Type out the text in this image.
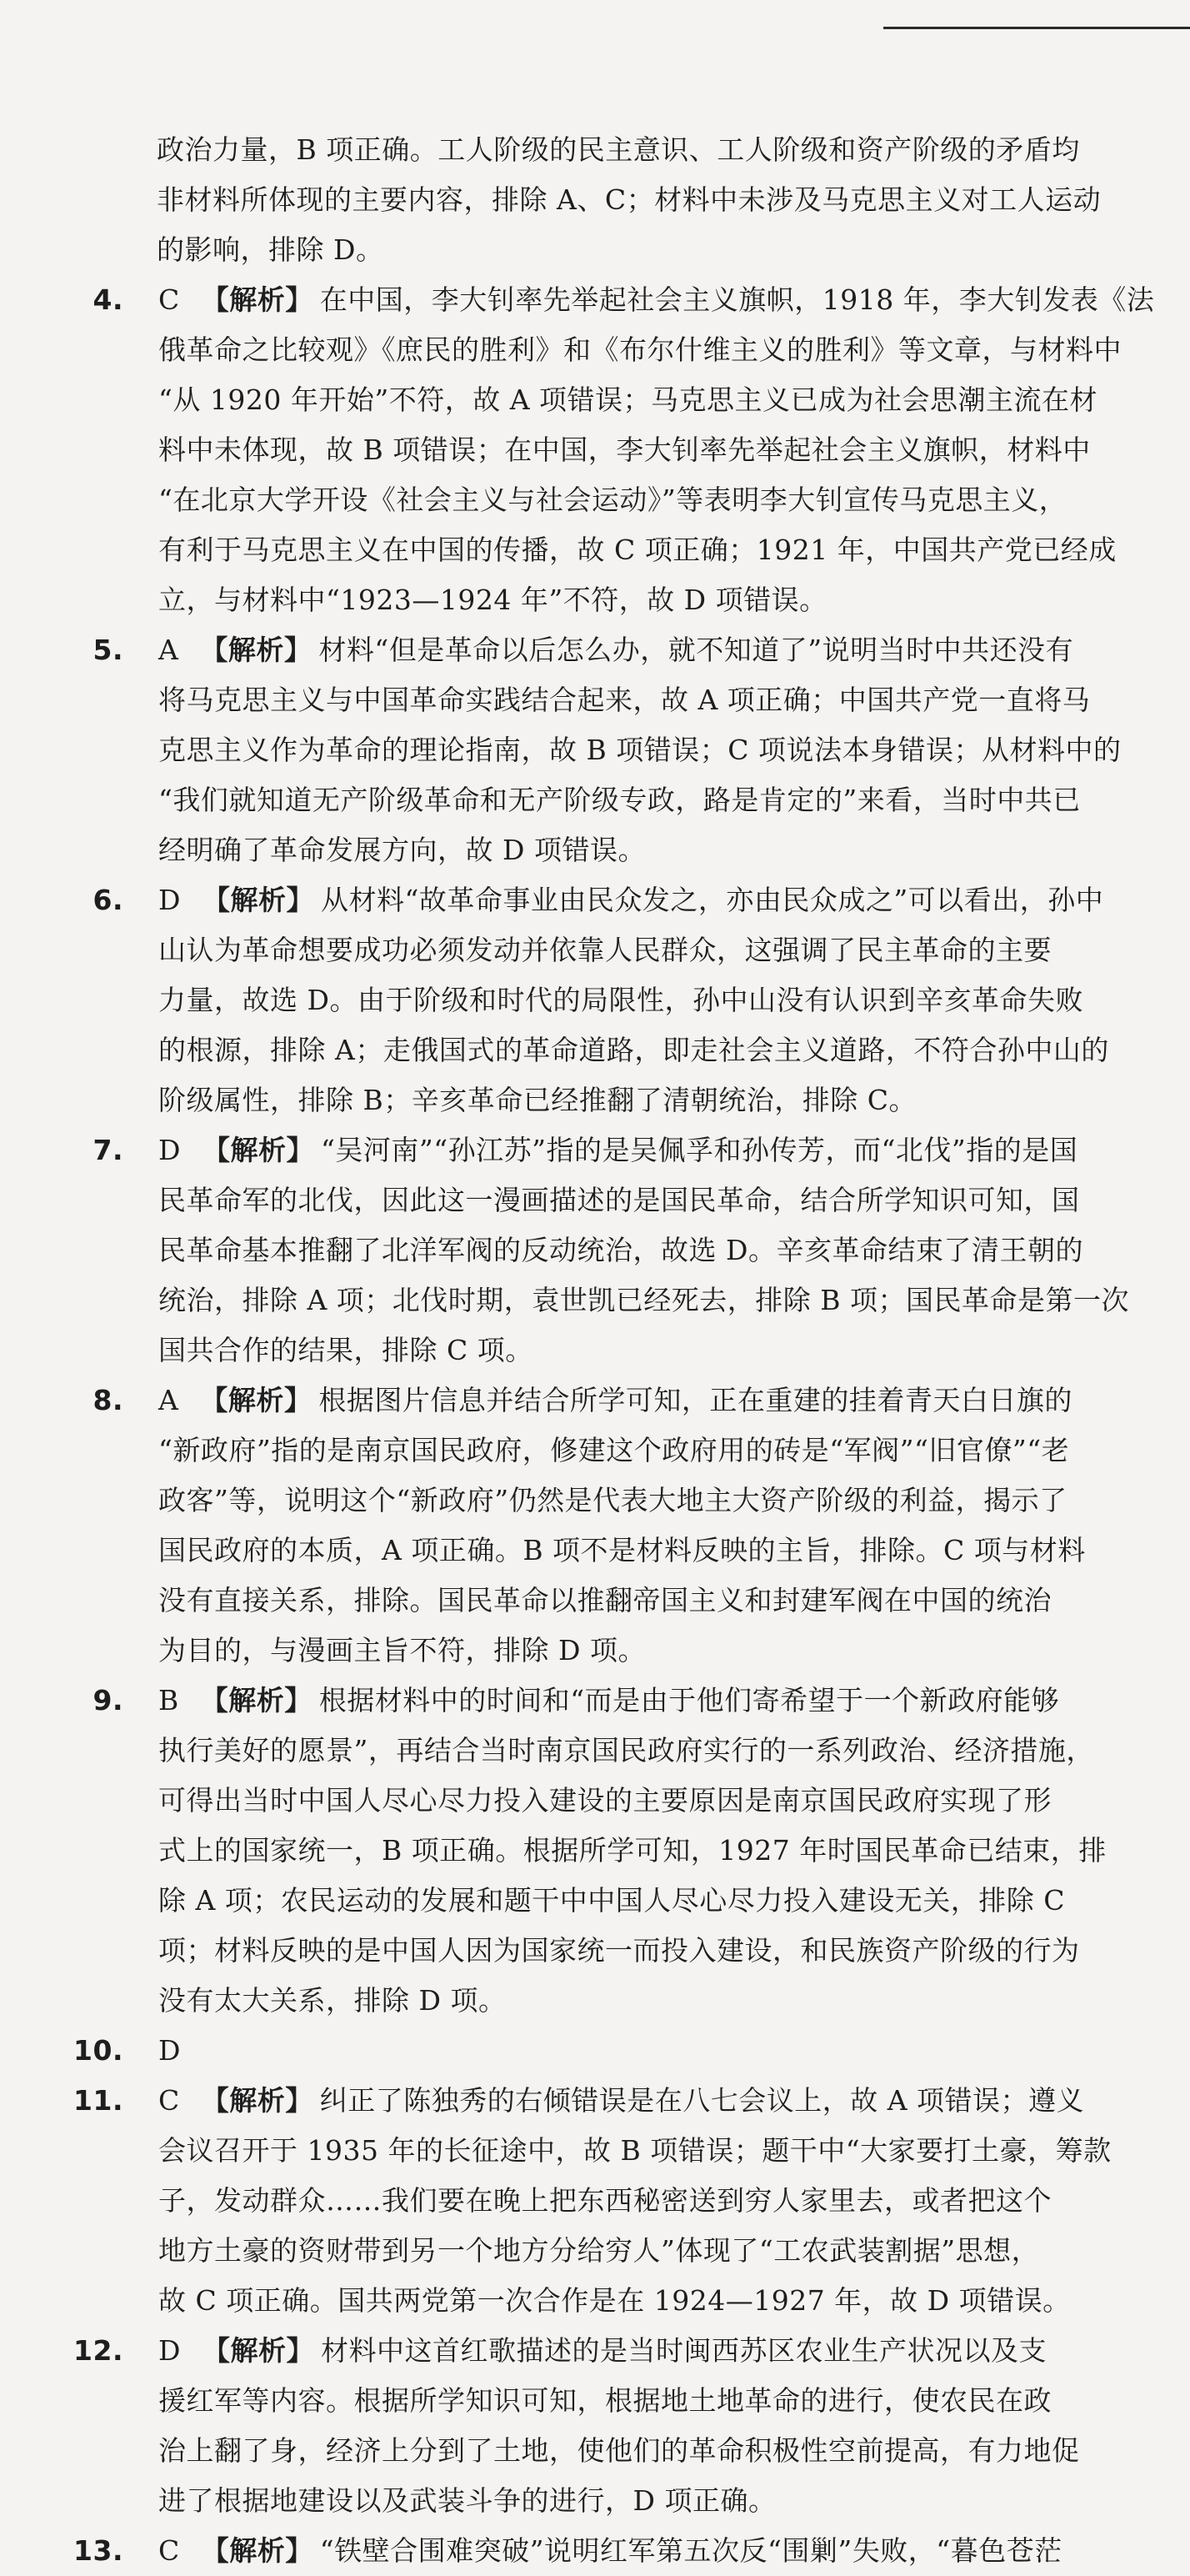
政治力量，B 项正确。工人阶级的民主意识、工人阶级和资产阶级的矛盾均
非材料所体现的主要内容，排除 A、C；材料中未涉及马克思主义对工人运动
的影响，排除 D。
4. C 【解析】 在中国，李大钊率先举起社会主义旗帜，1918 年，李大钊发表《法
俄革命之比较观》《庶民的胜利》和《布尔什维主义的胜利》等文章，与材料中
“从 1920 年开始”不符，故 A 项错误；马克思主义已成为社会思潮主流在材
料中未体现，故 B 项错误；在中国，李大钊率先举起社会主义旗帜，材料中
“在北京大学开设《社会主义与社会运动》”等表明李大钊宣传马克思主义，
有利于马克思主义在中国的传播，故 C 项正确；1921 年，中国共产党已经成
立，与材料中“1923—1924 年”不符，故 D 项错误。
5. A 【解析】 材料“但是革命以后怎么办，就不知道了”说明当时中共还没有
将马克思主义与中国革命实践结合起来，故 A 项正确；中国共产党一直将马
克思主义作为革命的理论指南，故 B 项错误；C 项说法本身错误；从材料中的
“我们就知道无产阶级革命和无产阶级专政，路是肯定的”来看，当时中共已
经明确了革命发展方向，故 D 项错误。
6. D 【解析】 从材料“故革命事业由民众发之，亦由民众成之”可以看出，孙中
山认为革命想要成功必须发动并依靠人民群众，这强调了民主革命的主要
力量，故选 D。由于阶级和时代的局限性，孙中山没有认识到辛亥革命失败
的根源，排除 A；走俄国式的革命道路，即走社会主义道路，不符合孙中山的
阶级属性，排除 B；辛亥革命已经推翻了清朝统治，排除 C。
7. D 【解析】 “吴河南”“孙江苏”指的是吴佩孚和孙传芳，而“北伐”指的是国
民革命军的北伐，因此这一漫画描述的是国民革命，结合所学知识可知，国
民革命基本推翻了北洋军阀的反动统治，故选 D。辛亥革命结束了清王朝的
统治，排除 A 项；北伐时期，袁世凯已经死去，排除 B 项；国民革命是第一次
国共合作的结果，排除 C 项。
8. A 【解析】 根据图片信息并结合所学可知，正在重建的挂着青天白日旗的
“新政府”指的是南京国民政府，修建这个政府用的砖是“军阀”“旧官僚”“老
政客”等，说明这个“新政府”仍然是代表大地主大资产阶级的利益，揭示了
国民政府的本质，A 项正确。B 项不是材料反映的主旨，排除。C 项与材料
没有直接关系，排除。国民革命以推翻帝国主义和封建军阀在中国的统治
为目的，与漫画主旨不符，排除 D 项。
9. B 【解析】 根据材料中的时间和“而是由于他们寄希望于一个新政府能够
执行美好的愿景”，再结合当时南京国民政府实行的一系列政治、经济措施，
可得出当时中国人尽心尽力投入建设的主要原因是南京国民政府实现了形
式上的国家统一，B 项正确。根据所学可知，1927 年时国民革命已结束，排
除 A 项；农民运动的发展和题干中中国人尽心尽力投入建设无关，排除 C
项；材料反映的是中国人因为国家统一而投入建设，和民族资产阶级的行为
没有太大关系，排除 D 项。
10. D
11. C 【解析】 纠正了陈独秀的右倾错误是在八七会议上，故 A 项错误；遵义
会议召开于 1935 年的长征途中，故 B 项错误；题干中“大家要打土豪，筹款
子，发动群众……我们要在晚上把东西秘密送到穷人家里去，或者把这个
地方土豪的资财带到另一个地方分给穷人”体现了“工农武装割据”思想，
故 C 项正确。国共两党第一次合作是在 1924—1927 年，故 D 项错误。
12. D 【解析】 材料中这首红歌描述的是当时闽西苏区农业生产状况以及支
援红军等内容。根据所学知识可知，根据地土地革命的进行，使农民在政
治上翻了身，经济上分到了土地，使他们的革命积极性空前提高，有力地促
进了根据地建设以及武装斗争的进行，D 项正确。
13. C 【解析】 “铁壁合围难突破”说明红军第五次反“围剿”失败，“暮色苍茫
